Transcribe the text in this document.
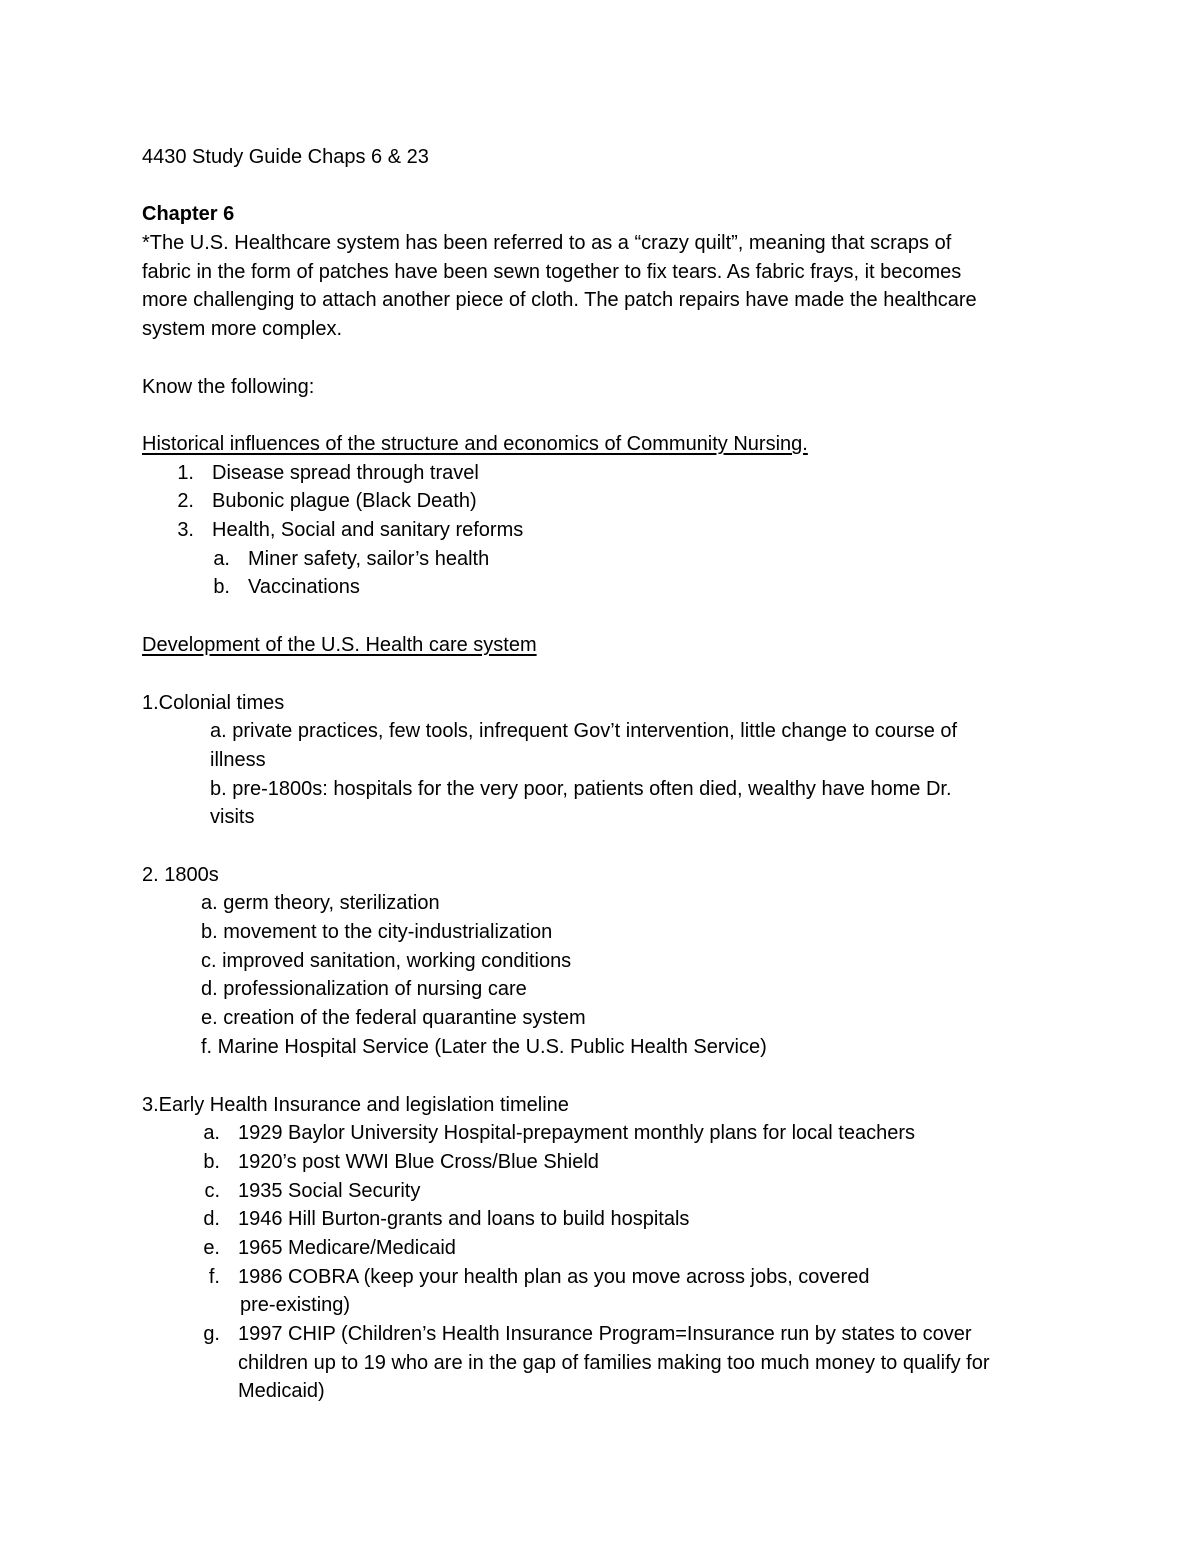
4430 Study Guide Chaps 6 & 23
Chapter 6
*The U.S. Healthcare system has been referred to as a “crazy quilt”, meaning that scraps of
fabric in the form of patches have been sewn together to fix tears. As fabric frays, it becomes
more challenging to attach another piece of cloth. The patch repairs have made the healthcare
system more complex.
Know the following:
Historical influences of the structure and economics of Community Nursing.
1. Disease spread through travel
2. Bubonic plague (Black Death)
3. Health, Social and sanitary reforms
a. Miner safety, sailor’s health
b. Vaccinations
Development of the U.S. Health care system
1.Colonial times
a. private practices, few tools, infrequent Gov’t intervention, little change to course of
illness
b. pre-1800s: hospitals for the very poor, patients often died, wealthy have home Dr.
visits
2. 1800s
a. germ theory, sterilization
b. movement to the city-industrialization
c. improved sanitation, working conditions
d. professionalization of nursing care
e. creation of the federal quarantine system
f. Marine Hospital Service (Later the U.S. Public Health Service)
3.Early Health Insurance and legislation timeline
a. 1929 Baylor University Hospital-prepayment monthly plans for local teachers
b. 1920’s post WWI Blue Cross/Blue Shield
c. 1935 Social Security
d. 1946 Hill Burton-grants and loans to build hospitals
e. 1965 Medicare/Medicaid
f. 1986 COBRA (keep your health plan as you move across jobs, covered
pre-existing)
g. 1997 CHIP (Children’s Health Insurance Program=Insurance run by states to cover
children up to 19 who are in the gap of families making too much money to qualify for
Medicaid)
